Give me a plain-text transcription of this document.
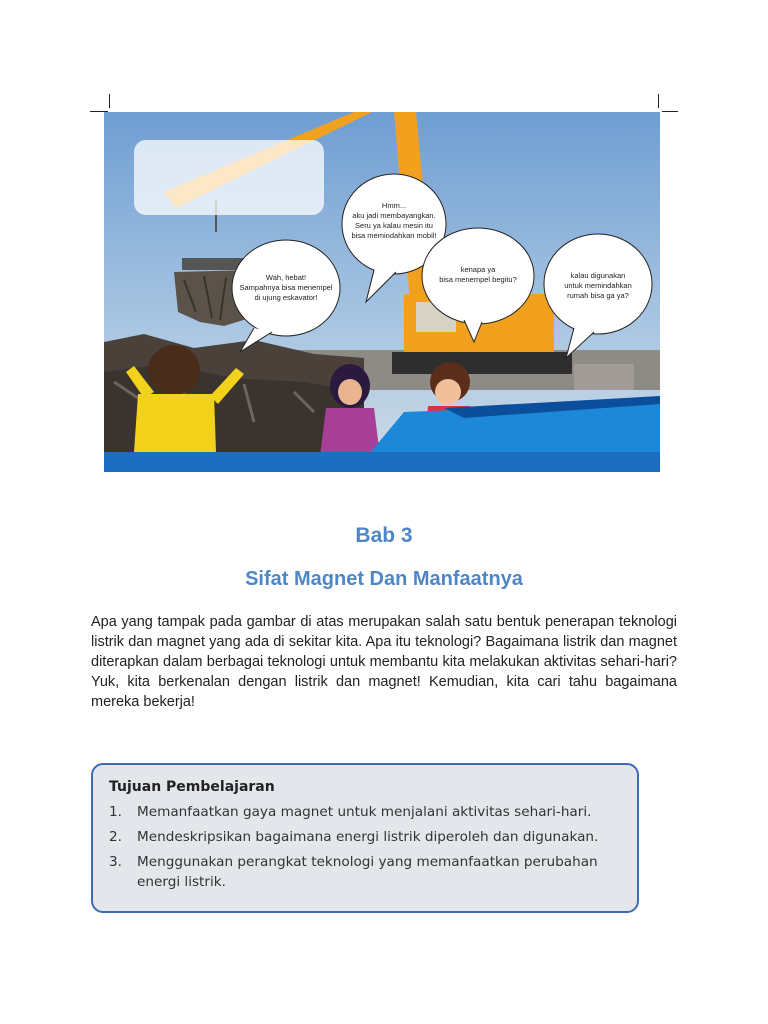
Hmm...
aku jadi membayangkan.
Seru ya kalau mesin itu
bisa memindahkan mobil!
Wah, hebat!
Sampahnya bisa menempel
di ujung eskavator!
kenapa ya
bisa menempel begitu?	kalau digunakan
untuk memindahkan
rumah bisa ga ya?
Bab 3
Sifat Magnet Dan Manfaatnya

Apa yang tampak pada gambar di atas merupakan salah satu bentuk penerapan teknologi listrik dan magnet yang ada di sekitar kita. Apa itu teknologi? Bagaimana listrik dan magnet diterapkan dalam berbagai teknologi untuk membantu kita melakukan aktivitas sehari-hari? Yuk, kita berkenalan dengan listrik dan magnet! Kemudian, kita cari tahu bagaimana mereka bekerja!

Tujuan Pembelajaran
1. Memanfaatkan gaya magnet untuk menjalani aktivitas sehari-hari.
2. Mendeskripsikan bagaimana energi listrik diperoleh dan digunakan.
3. Menggunakan perangkat teknologi yang memanfaatkan perubahan energi listrik.
